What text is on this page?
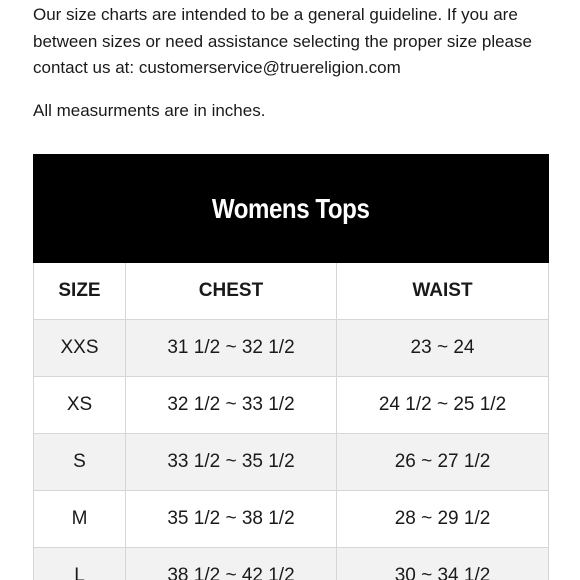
Our size charts are intended to be a general guideline. If you are between sizes or need assistance selecting the proper size please contact us at: customerservice@truereligion.com

All measurments are in inches.

Womens Tops		
SIZE	CHEST	WAIST
XXS	31 1/2 ~ 32 1/2	23 ~ 24
XS	32 1/2 ~ 33 1/2	24 1/2 ~ 25 1/2
S	33 1/2 ~ 35 1/2	26 ~ 27 1/2
M	35 1/2 ~ 38 1/2	28 ~ 29 1/2
L	38 1/2 ~ 42 1/2	30 ~ 34 1/2
